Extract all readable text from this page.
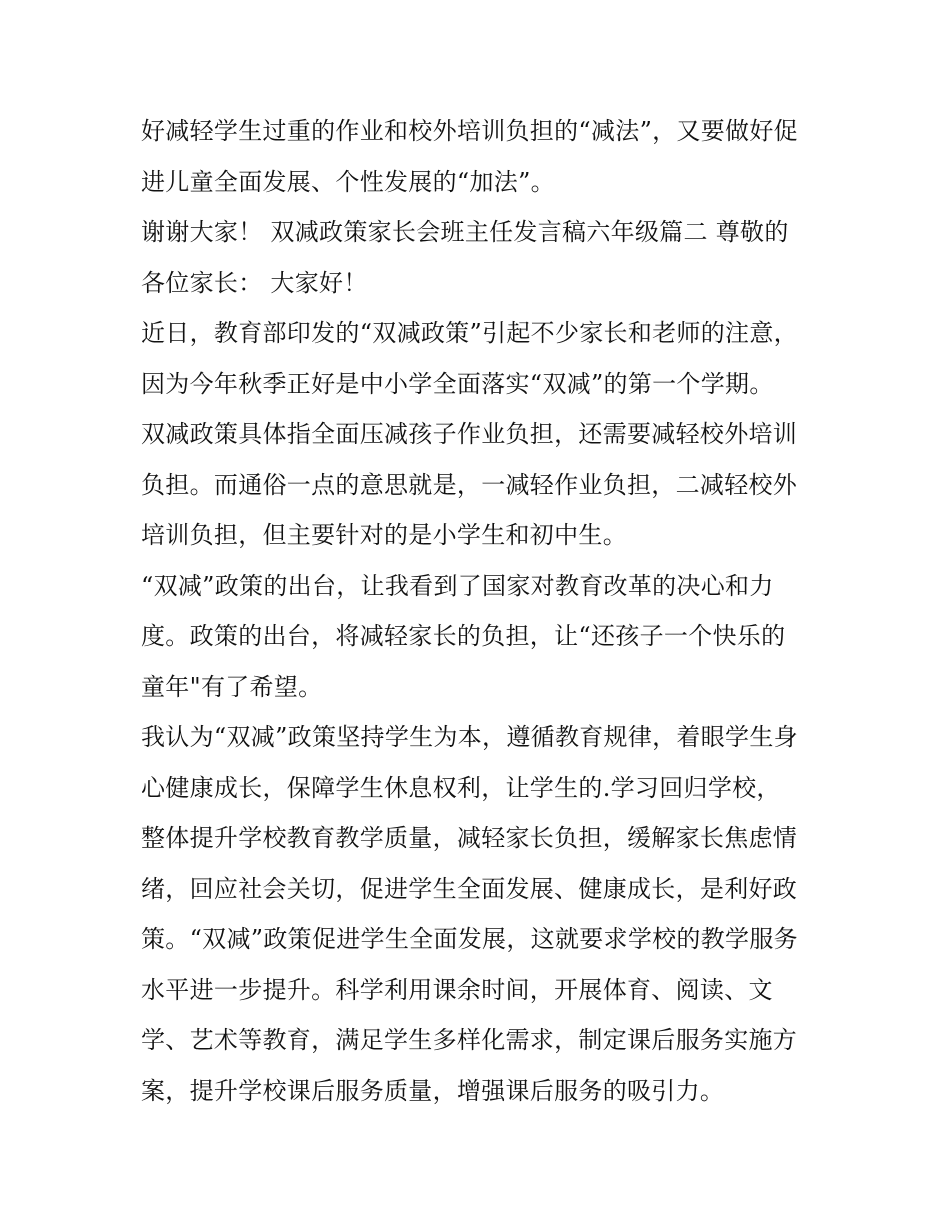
好减轻学生过重的作业和校外培训负担的“减法”，又要做好促
进儿童全面发展、个性发展的“加法”。
谢谢大家！ 双减政策家长会班主任发言稿六年级篇二 尊敬的
各位家长： 大家好！
近日，教育部印发的“双减政策”引起不少家长和老师的注意，
因为今年秋季正好是中小学全面落实“双减”的第一个学期。
双减政策具体指全面压减孩子作业负担，还需要减轻校外培训
负担。而通俗一点的意思就是，一减轻作业负担，二减轻校外
培训负担，但主要针对的是小学生和初中生。
“双减”政策的出台，让我看到了国家对教育改革的决心和力
度。政策的出台，将减轻家长的负担，让“还孩子一个快乐的
童年"有了希望。
我认为“双减”政策坚持学生为本，遵循教育规律，着眼学生身
心健康成长，保障学生休息权利，让学生的.学习回归学校，
整体提升学校教育教学质量，减轻家长负担，缓解家长焦虑情
绪，回应社会关切，促进学生全面发展、健康成长，是利好政
策。“双减”政策促进学生全面发展，这就要求学校的教学服务
水平进一步提升。科学利用课余时间，开展体育、阅读、文
学、艺术等教育，满足学生多样化需求，制定课后服务实施方
案，提升学校课后服务质量，增强课后服务的吸引力。
